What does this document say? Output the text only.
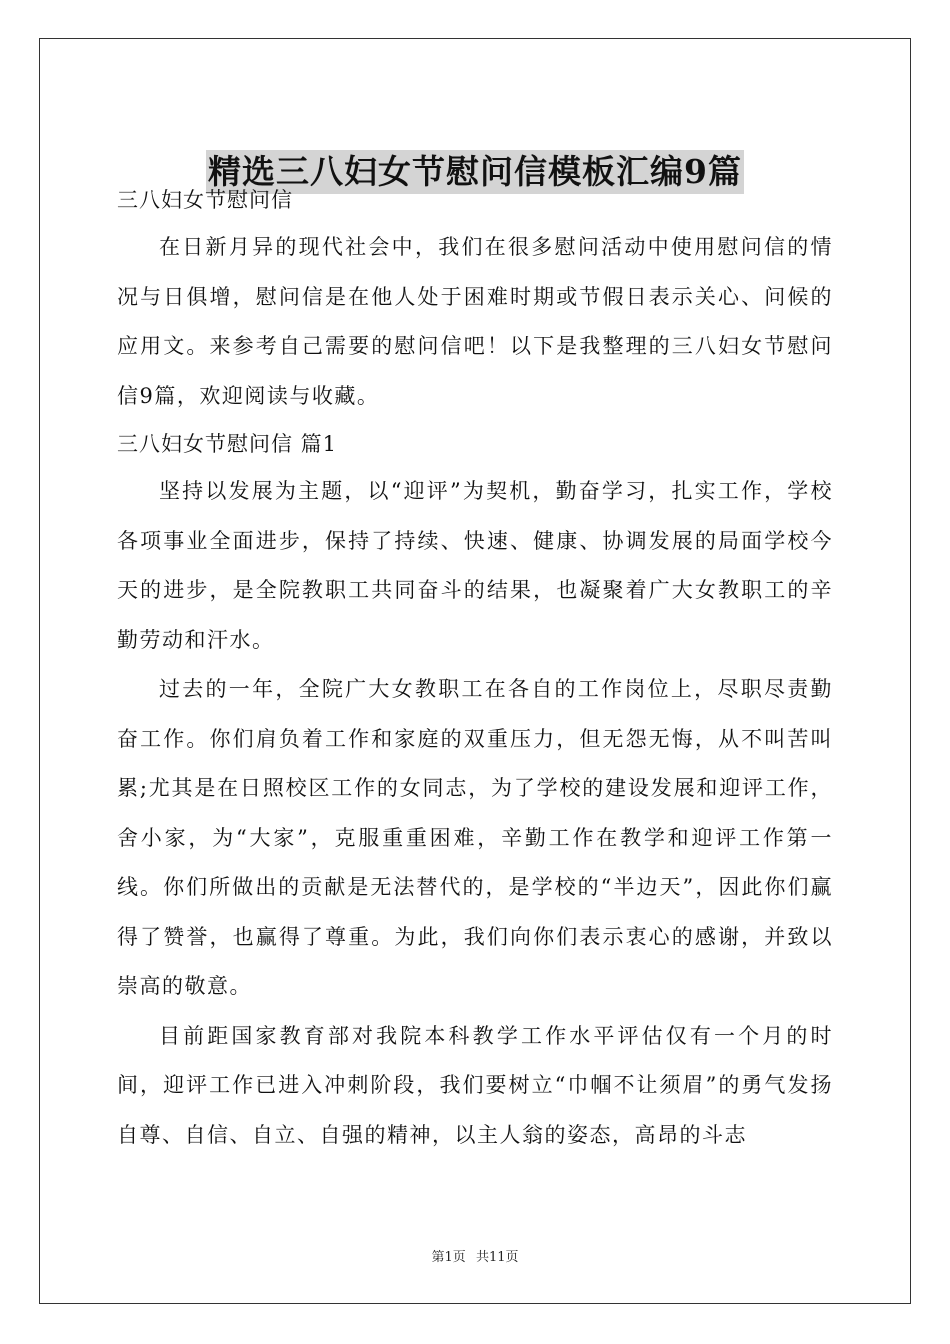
精选三八妇女节慰问信模板汇编9篇

三八妇女节慰问信

在日新月异的现代社会中，我们在很多慰问活动中使用慰问信的情况与日俱增，慰问信是在他人处于困难时期或节假日表示关心、问候的应用文。来参考自己需要的慰问信吧！以下是我整理的三八妇女节慰问信9篇，欢迎阅读与收藏。

三八妇女节慰问信 篇1

坚持以发展为主题，以“迎评”为契机，勤奋学习，扎实工作，学校各项事业全面进步，保持了持续、快速、健康、协调发展的局面学校今天的进步，是全院教职工共同奋斗的结果，也凝聚着广大女教职工的辛勤劳动和汗水。

过去的一年，全院广大女教职工在各自的工作岗位上，尽职尽责勤奋工作。你们肩负着工作和家庭的双重压力，但无怨无悔，从不叫苦叫累;尤其是在日照校区工作的女同志，为了学校的建设发展和迎评工作，舍小家，为“大家”，克服重重困难，辛勤工作在教学和迎评工作第一线。你们所做出的贡献是无法替代的，是学校的“半边天”，因此你们赢得了赞誉，也赢得了尊重。为此，我们向你们表示衷心的感谢，并致以崇高的敬意。

目前距国家教育部对我院本科教学工作水平评估仅有一个月的时间，迎评工作已进入冲刺阶段，我们要树立“巾帼不让须眉”的勇气发扬自尊、自信、自立、自强的精神，以主人翁的姿态，高昂的斗志

第1页 共11页
